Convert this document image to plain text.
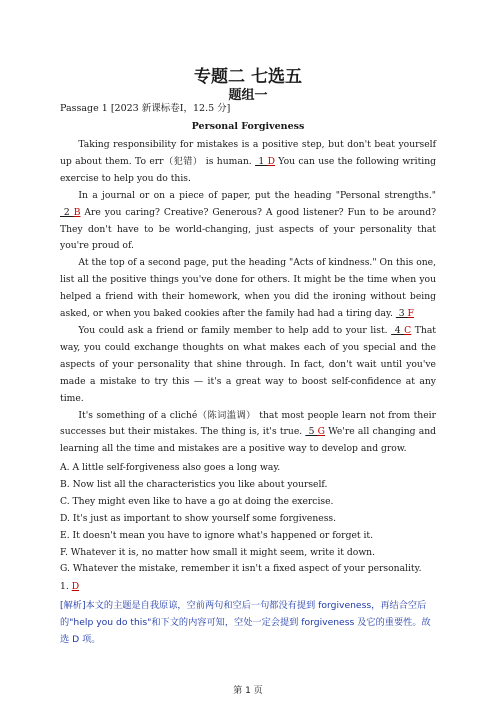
专题二 七选五
题组一
Passage 1 [2023 新课标卷Ⅰ，12.5 分]
Personal Forgiveness

Taking responsibility for mistakes is a positive step, but don't beat yourself up about them. To err（犯错） is human.  1 D You can use the following writing exercise to help you do this.

In a journal or on a piece of paper, put the heading "Personal strengths."  2 B Are you caring? Creative? Generous? A good listener? Fun to be around? They don't have to be world-changing, just aspects of your personality that you're proud of.

At the top of a second page, put the heading "Acts of kindness." On this one, list all the positive things you've done for others. It might be the time when you helped a friend with their homework, when you did the ironing without being asked, or when you baked cookies after the family had had a tiring day.  3 F

You could ask a friend or family member to help add to your list.  4 C That way, you could exchange thoughts on what makes each of you special and the aspects of your personality that shine through. In fact, don't wait until you've made a mistake to try this — it's a great way to boost self-confidence at any time.

It's something of a cliché（陈词滥调） that most people learn not from their successes but their mistakes. The thing is, it's true.  5 G We're all changing and learning all the time and mistakes are a positive way to develop and grow.

A. A little self-forgiveness also goes a long way.
B. Now list all the characteristics you like about yourself.
C. They might even like to have a go at doing the exercise.
D. It's just as important to show yourself some forgiveness.
E. It doesn't mean you have to ignore what's happened or forget it.
F. Whatever it is, no matter how small it might seem, write it down.
G. Whatever the mistake, remember it isn't a fixed aspect of your personality.
1. D
[解析]本文的主题是自我原谅，空前两句和空后一句都没有提到 forgiveness，再结合空后的"help you do this"和下文的内容可知，空处一定会提到 forgiveness 及它的重要性。故选 D 项。
第 1 页
